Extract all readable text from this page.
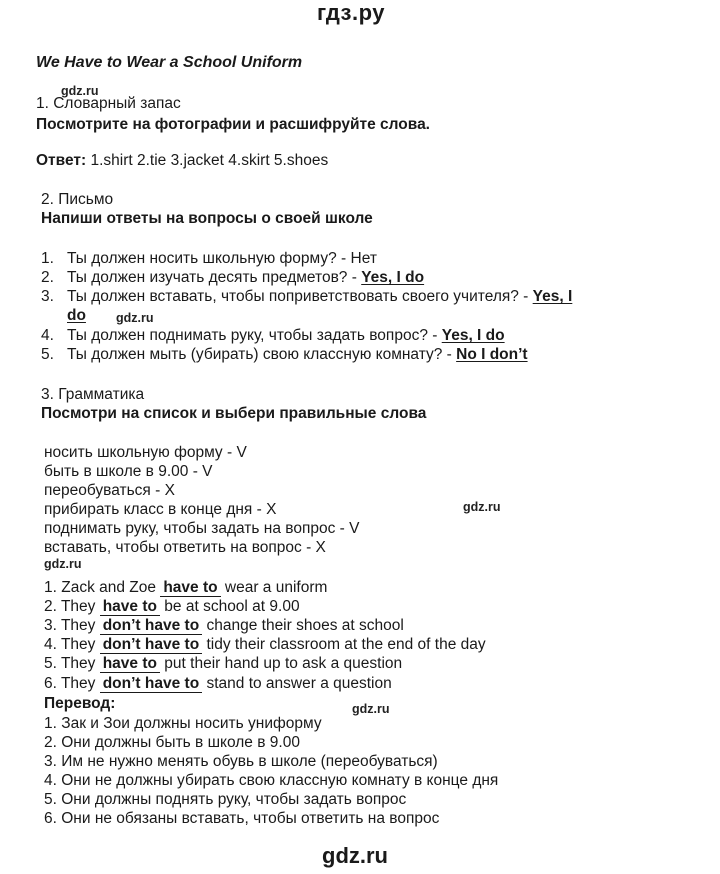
гдз.ру
We Have to Wear a School Uniform
gdz.ru
1. Словарный запас
Посмотрите на фотографии и расшифруйте слова.
Ответ: 1.shirt 2.tie 3.jacket 4.skirt 5.shoes
2. Письмо
Напиши ответы на вопросы о своей школе
1. Ты должен носить школьную форму? - Нет
2. Ты должен изучать десять предметов? - Yes, I do
3. Ты должен вставать, чтобы поприветствовать своего учителя? - Yes, I
do gdz.ru
4. Ты должен поднимать руку, чтобы задать вопрос? - Yes, I do
5. Ты должен мыть (убирать) свою классную комнату? - No I don’t
3. Грамматика
Посмотри на список и выбери правильные слова
носить школьную форму - V
быть в школе в 9.00 - V
переобуваться - X
прибирать класс в конце дня - X	gdz.ru
поднимать руку, чтобы задать на вопрос - V
вставать, чтобы ответить на вопрос - X
gdz.ru
1. Zack and Zoe have to wear a uniform
2. They have to be at school at 9.00
3. They don’t have to change their shoes at school
4. They don’t have to tidy their classroom at the end of the day
5. They have to put their hand up to ask a question
6. They don’t have to stand to answer a question
Перевод:	gdz.ru
1. Зак и Зои должны носить униформу
2. Они должны быть в школе в 9.00
3. Им не нужно менять обувь в школе (переобуваться)
4. Они не должны убирать свою классную комнату в конце дня
5. Они должны поднять руку, чтобы задать вопрос
6. Они не обязаны вставать, чтобы ответить на вопрос
gdz.ru
